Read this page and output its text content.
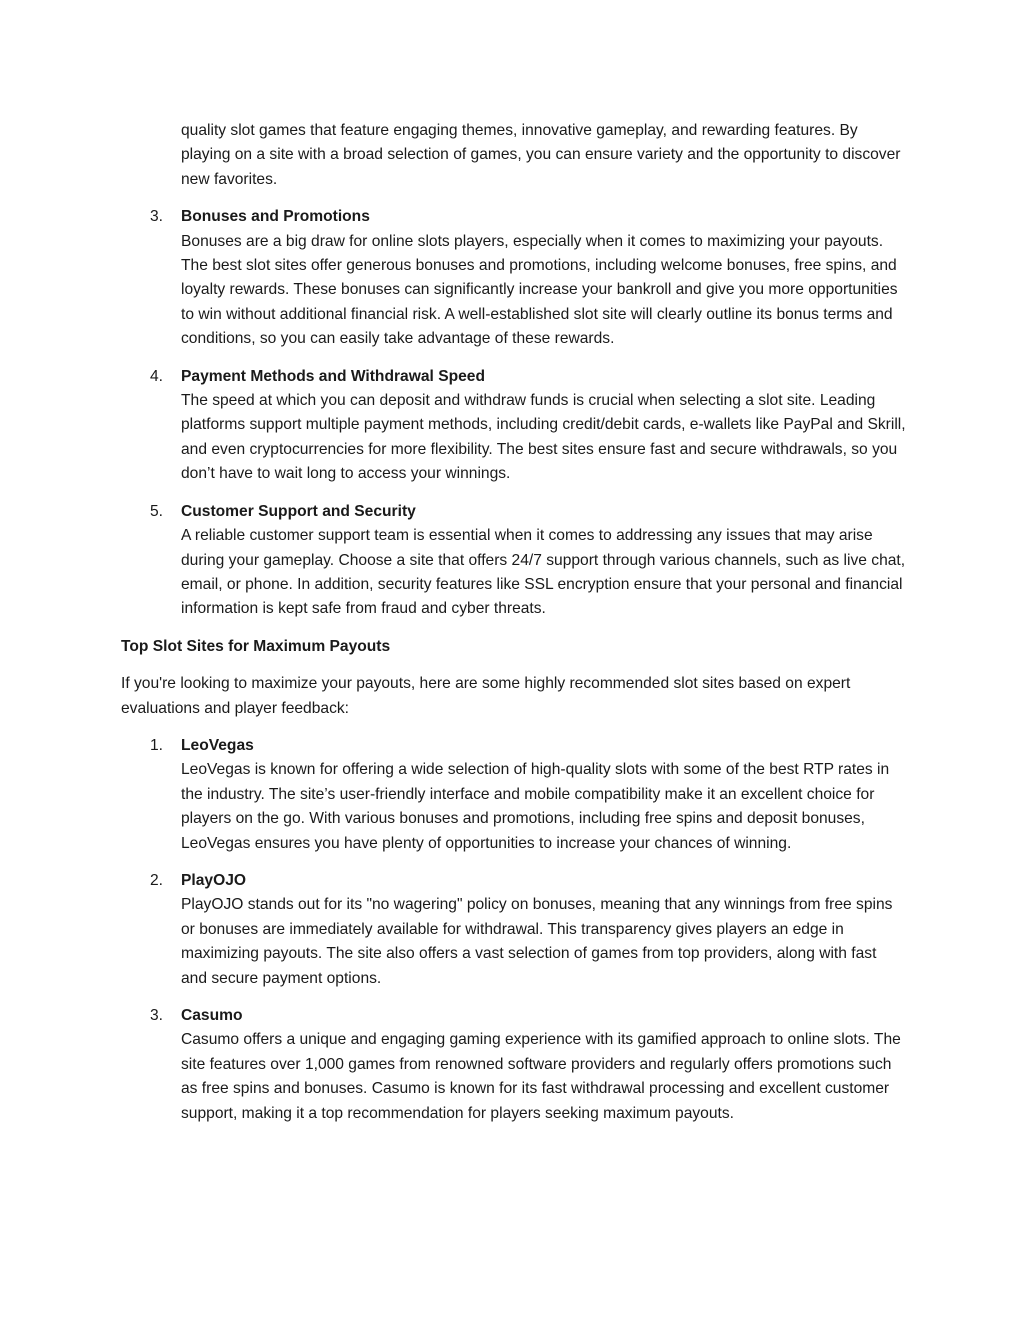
quality slot games that feature engaging themes, innovative gameplay, and rewarding features. By playing on a site with a broad selection of games, you can ensure variety and the opportunity to discover new favorites.
3.	Bonuses and Promotions
Bonuses are a big draw for online slots players, especially when it comes to maximizing your payouts. The best slot sites offer generous bonuses and promotions, including welcome bonuses, free spins, and loyalty rewards. These bonuses can significantly increase your bankroll and give you more opportunities to win without additional financial risk. A well-established slot site will clearly outline its bonus terms and conditions, so you can easily take advantage of these rewards.
4.	Payment Methods and Withdrawal Speed
The speed at which you can deposit and withdraw funds is crucial when selecting a slot site. Leading platforms support multiple payment methods, including credit/debit cards, e-wallets like PayPal and Skrill, and even cryptocurrencies for more flexibility. The best sites ensure fast and secure withdrawals, so you don’t have to wait long to access your winnings.
5.	Customer Support and Security
A reliable customer support team is essential when it comes to addressing any issues that may arise during your gameplay. Choose a site that offers 24/7 support through various channels, such as live chat, email, or phone. In addition, security features like SSL encryption ensure that your personal and financial information is kept safe from fraud and cyber threats.
Top Slot Sites for Maximum Payouts
If you're looking to maximize your payouts, here are some highly recommended slot sites based on expert evaluations and player feedback:
1.	LeoVegas
LeoVegas is known for offering a wide selection of high-quality slots with some of the best RTP rates in the industry. The site’s user-friendly interface and mobile compatibility make it an excellent choice for players on the go. With various bonuses and promotions, including free spins and deposit bonuses, LeoVegas ensures you have plenty of opportunities to increase your chances of winning.
2.	PlayOJO
PlayOJO stands out for its "no wagering" policy on bonuses, meaning that any winnings from free spins or bonuses are immediately available for withdrawal. This transparency gives players an edge in maximizing payouts. The site also offers a vast selection of games from top providers, along with fast and secure payment options.
3.	Casumo
Casumo offers a unique and engaging gaming experience with its gamified approach to online slots. The site features over 1,000 games from renowned software providers and regularly offers promotions such as free spins and bonuses. Casumo is known for its fast withdrawal processing and excellent customer support, making it a top recommendation for players seeking maximum payouts.
